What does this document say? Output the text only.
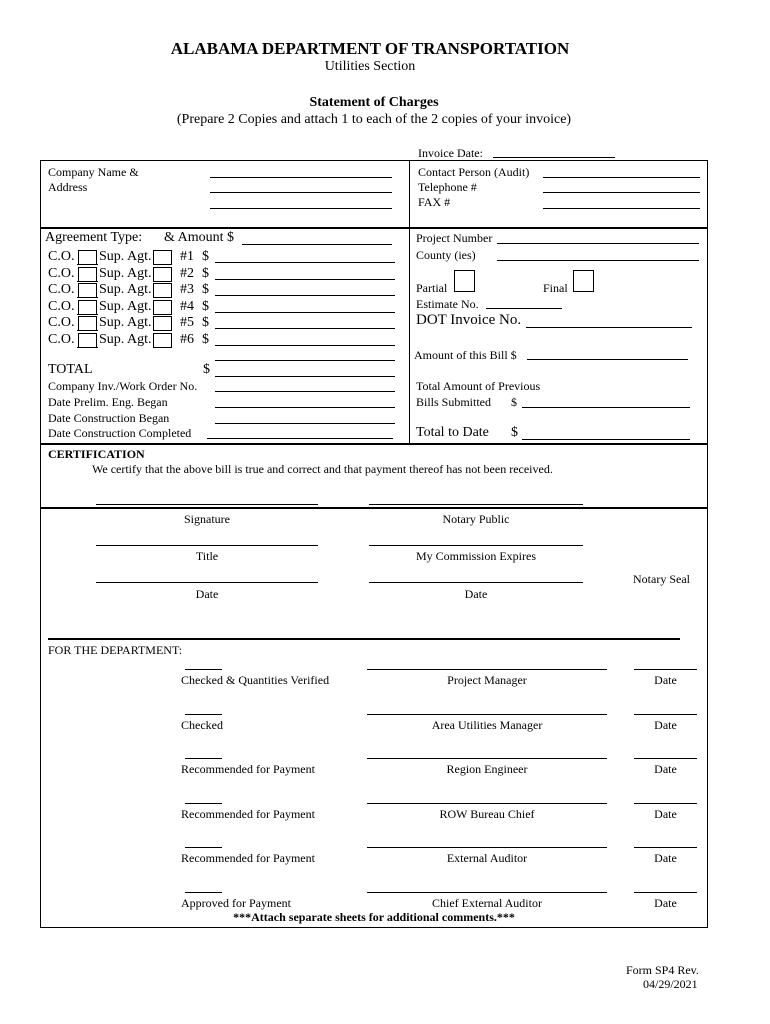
ALABAMA DEPARTMENT OF TRANSPORTATION
Utilities Section
Statement of Charges
(Prepare 2 Copies and attach 1 to each of the 2 copies of your invoice)
Invoice Date:
Company Name &
Address
Contact Person (Audit)
Telephone #
FAX #
Agreement Type: & Amount $
C.O. Sup. Agt. #1 $
C.O. Sup. Agt. #2 $
C.O. Sup. Agt. #3 $
C.O. Sup. Agt. #4 $
C.O. Sup. Agt. #5 $
C.O. Sup. Agt. #6 $
TOTAL	$
Company Inv./Work Order No.
Date Prelim. Eng. Began
Date Construction Began
Date Construction Completed
Project Number
County (ies)
Partial	Final
Estimate No.
DOT Invoice No.
Amount of this Bill $
Total Amount of Previous
Bills Submitted $
Total to Date $
CERTIFICATION
We certify that the above bill is true and correct and that payment thereof has not been received.
Signature	Notary Public
Title	My Commission Expires
Notary Seal
Date	Date
FOR THE DEPARTMENT:
Checked & Quantities Verified	Project Manager	Date
Checked	Area Utilities Manager	Date
Recommended for Payment	Region Engineer	Date
Recommended for Payment	ROW Bureau Chief	Date
Recommended for Payment	External Auditor	Date
Approved for Payment	Chief External Auditor	Date
***Attach separate sheets for additional comments.***
Form SP4 Rev.
04/29/2021
